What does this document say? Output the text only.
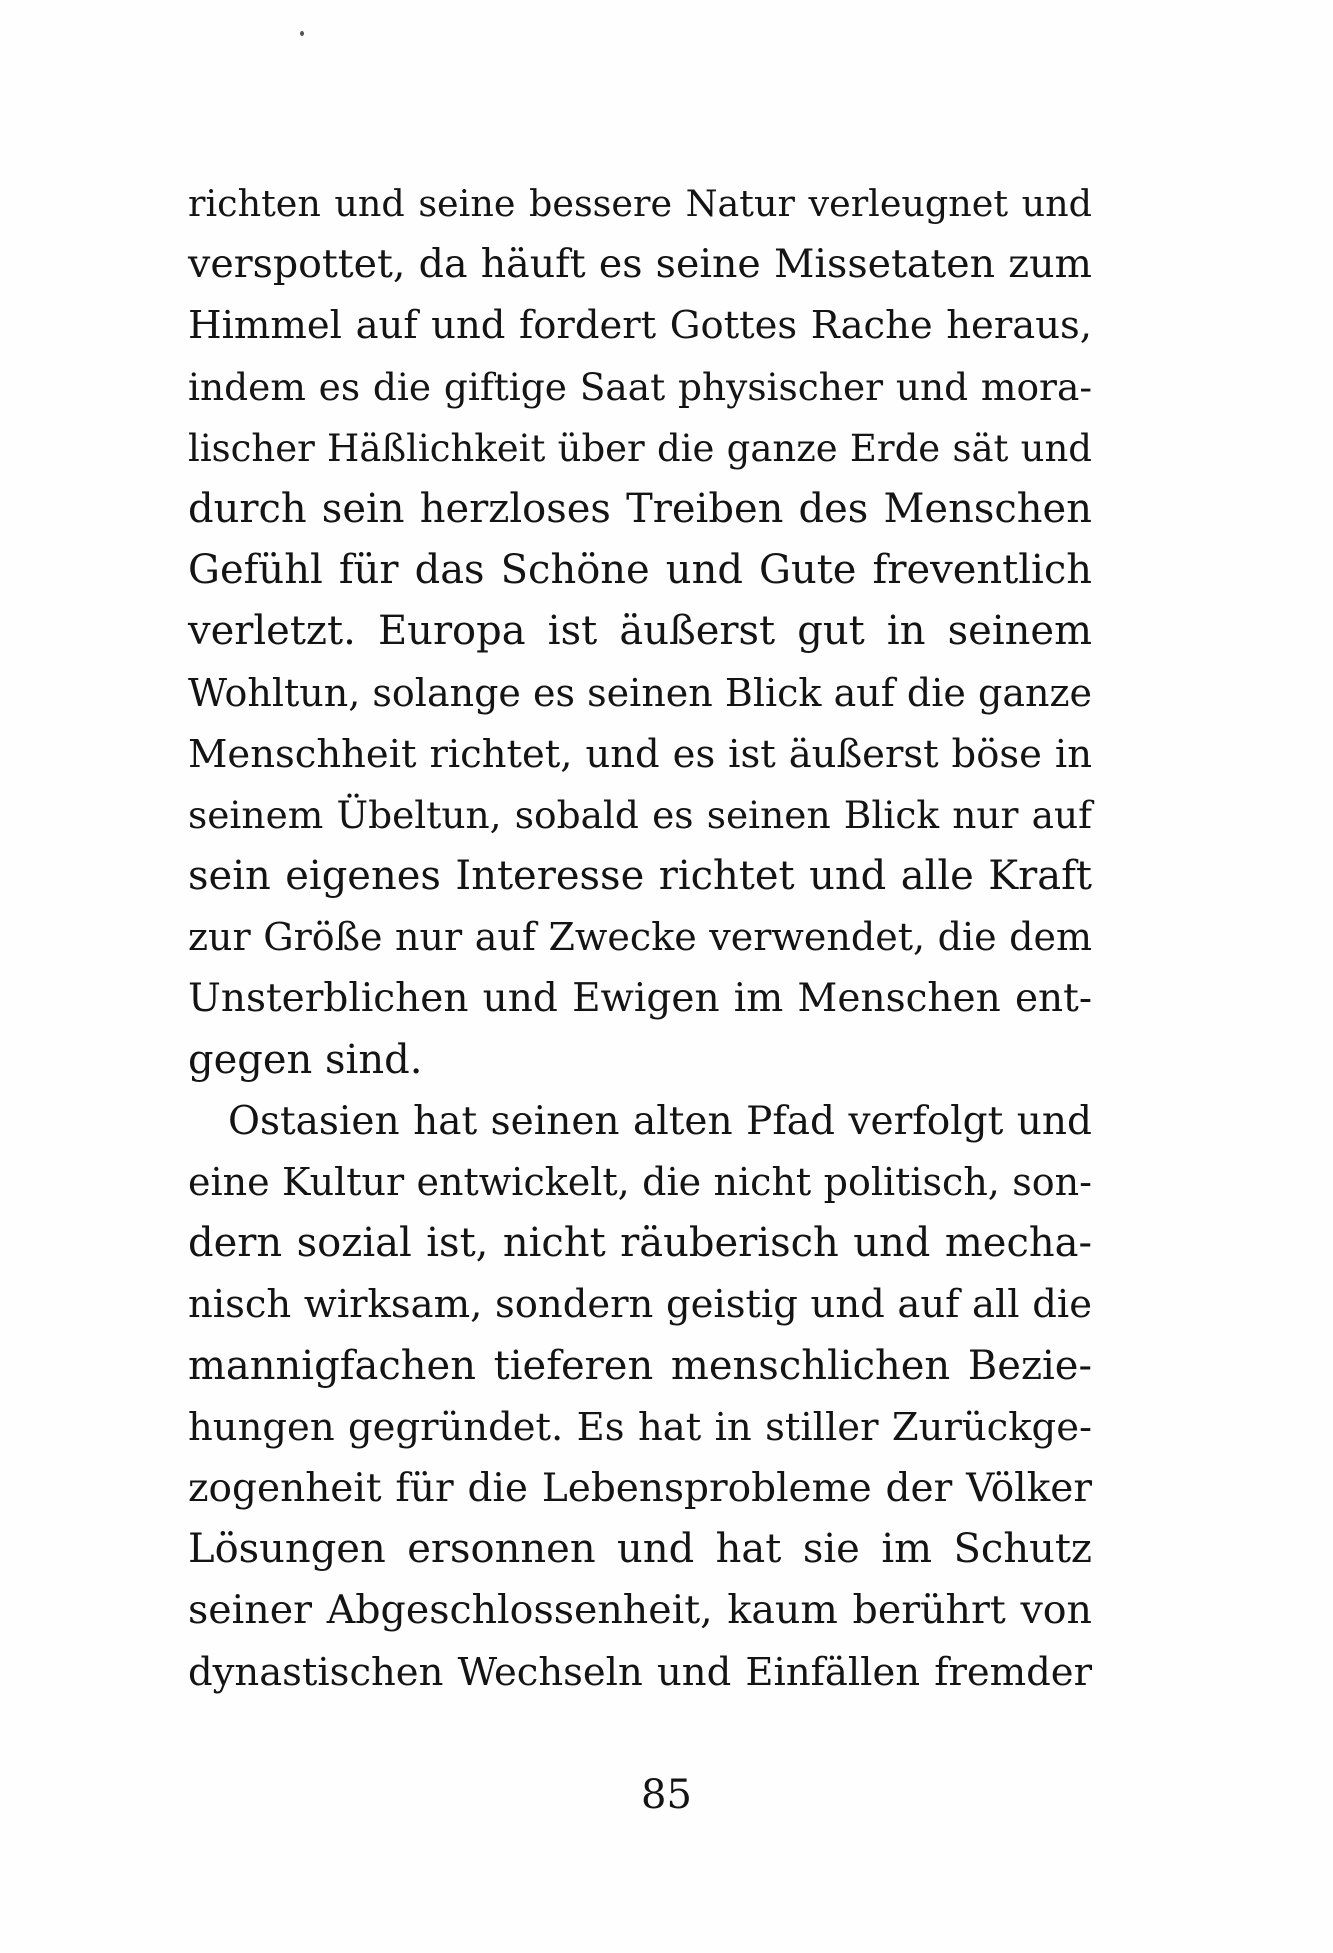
richten und seine bessere Natur verleugnet und
verspottet, da häuft es seine Missetaten zum
Himmel auf und fordert Gottes Rache heraus,
indem es die giftige Saat physischer und mora-
lischer Häßlichkeit über die ganze Erde sät und
durch sein herzloses Treiben des Menschen
Gefühl für das Schöne und Gute freventlich
verletzt. Europa ist äußerst gut in seinem
Wohltun, solange es seinen Blick auf die ganze
Menschheit richtet, und es ist äußerst böse in
seinem Übeltun, sobald es seinen Blick nur auf
sein eigenes Interesse richtet und alle Kraft
zur Größe nur auf Zwecke verwendet, die dem
Unsterblichen und Ewigen im Menschen ent-
gegen sind.
Ostasien hat seinen alten Pfad verfolgt und
eine Kultur entwickelt, die nicht politisch, son-
dern sozial ist, nicht räuberisch und mecha-
nisch wirksam, sondern geistig und auf all die
mannigfachen tieferen menschlichen Bezie-
hungen gegründet. Es hat in stiller Zurückge-
zogenheit für die Lebensprobleme der Völker
Lösungen ersonnen und hat sie im Schutz
seiner Abgeschlossenheit, kaum berührt von
dynastischen Wechseln und Einfällen fremder
85
